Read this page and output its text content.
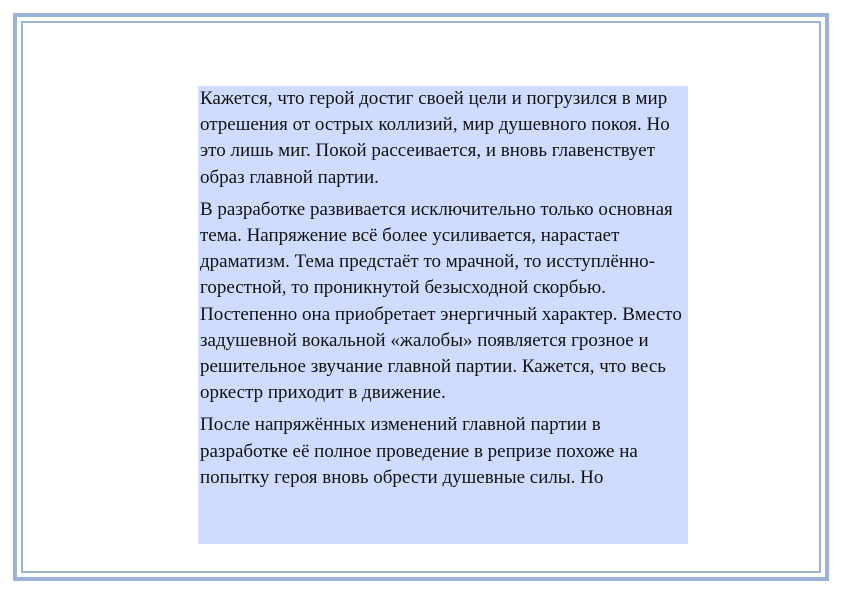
Кажется, что герой достиг своей цели и погрузился в мир отрешения от острых коллизий, мир душевного покоя. Но это лишь миг. Покой рассеивается, и вновь главенствует образ главной партии.

В разработке развивается исключительно только основная тема. Напряжение всё более усиливается, нарастает драматизм. Тема предстаёт то мрачной, то исступлённо-горестной, то проникнутой безысходной скорбью. Постепенно она приобретает энергичный характер. Вместо задушевной вокальной «жалобы» появляется грозное и решительное звучание главной партии. Кажется, что весь оркестр приходит в движение.

После напряжённых изменений главной партии в разработке её полное проведение в репризе похоже на попытку героя вновь обрести душевные силы. Но
